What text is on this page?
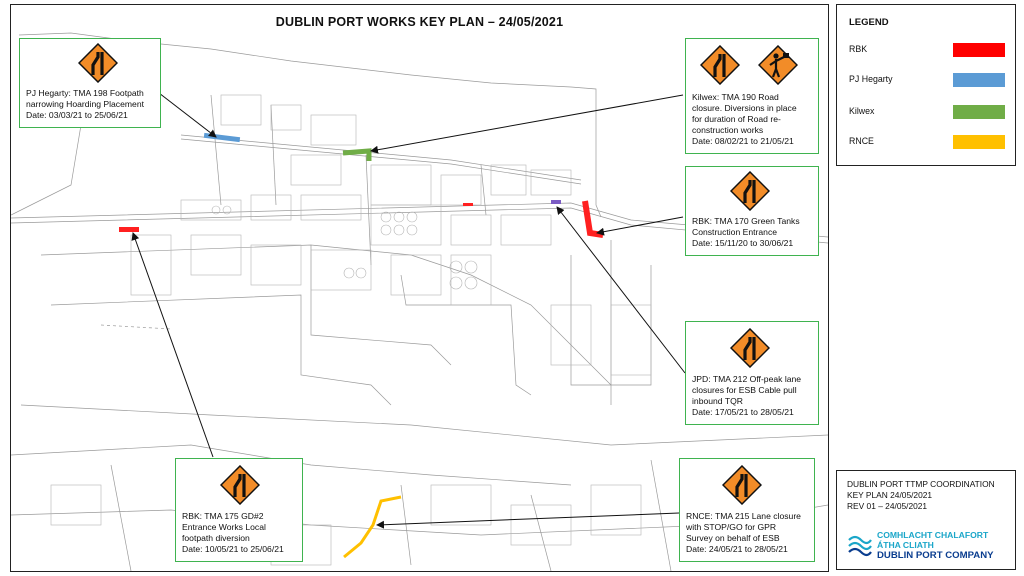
DUBLIN PORT WORKS KEY PLAN – 24/05/2021
PJ Hegarty: TMA 198 Footpath
narrowing Hoarding Placement
Date: 03/03/21 to 25/06/21
Kilwex: TMA 190 Road
closure. Diversions in place
for duration of Road re-
construction works
Date: 08/02/21 to 21/05/21
RBK: TMA 170 Green Tanks
Construction Entrance
Date: 15/11/20 to 30/06/21
JPD: TMA 212 Off-peak lane
closures for ESB Cable pull
inbound TQR
Date: 17/05/21 to 28/05/21
RBK: TMA 175 GD#2
Entrance Works Local
footpath diversion
Date: 10/05/21 to 25/06/21
RNCE: TMA 215 Lane closure
with STOP/GO for GPR
Survey on behalf of ESB
Date: 24/05/21 to 28/05/21
LEGEND
RBK
PJ Hegarty
Kilwex
RNCE
DUBLIN PORT TTMP COORDINATION
KEY PLAN 24/05/2021
REV 01 – 24/05/2021
COMHLACHT CHALAFORT
ÁTHA CLIATH
DUBLIN PORT COMPANY
